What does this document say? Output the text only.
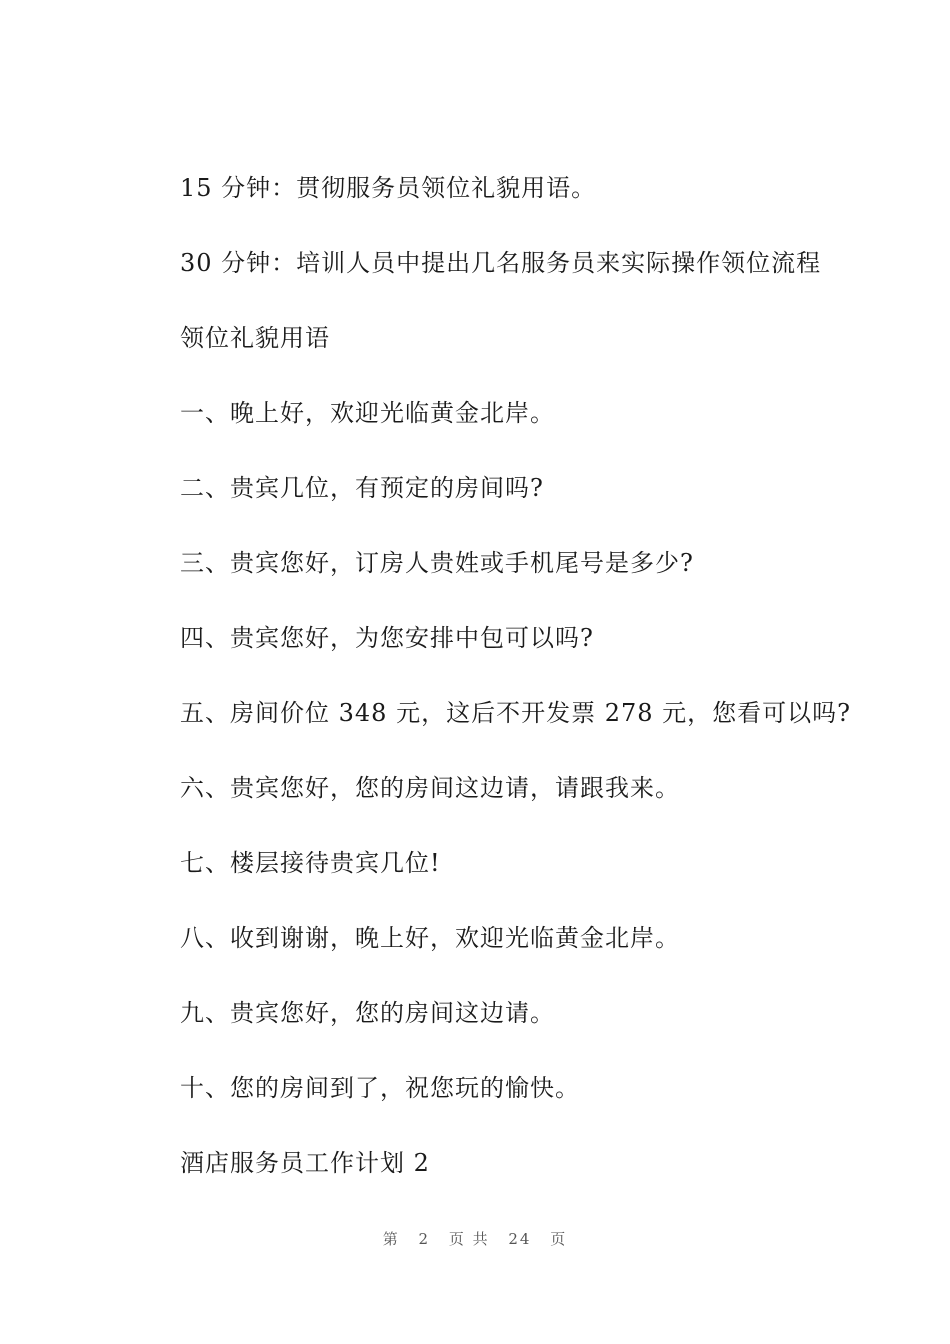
15 分钟：贯彻服务员领位礼貌用语。
30 分钟：培训人员中提出几名服务员来实际操作领位流程
领位礼貌用语
一、晚上好，欢迎光临黄金北岸。
二、贵宾几位，有预定的房间吗?
三、贵宾您好，订房人贵姓或手机尾号是多少?
四、贵宾您好，为您安排中包可以吗?
五、房间价位 348 元，这后不开发票 278 元，您看可以吗?
六、贵宾您好，您的房间这边请，请跟我来。
七、楼层接待贵宾几位!
八、收到谢谢，晚上好，欢迎光临黄金北岸。
九、贵宾您好，您的房间这边请。
十、您的房间到了，祝您玩的愉快。
酒店服务员工作计划 2
第 2 页 共 24 页
